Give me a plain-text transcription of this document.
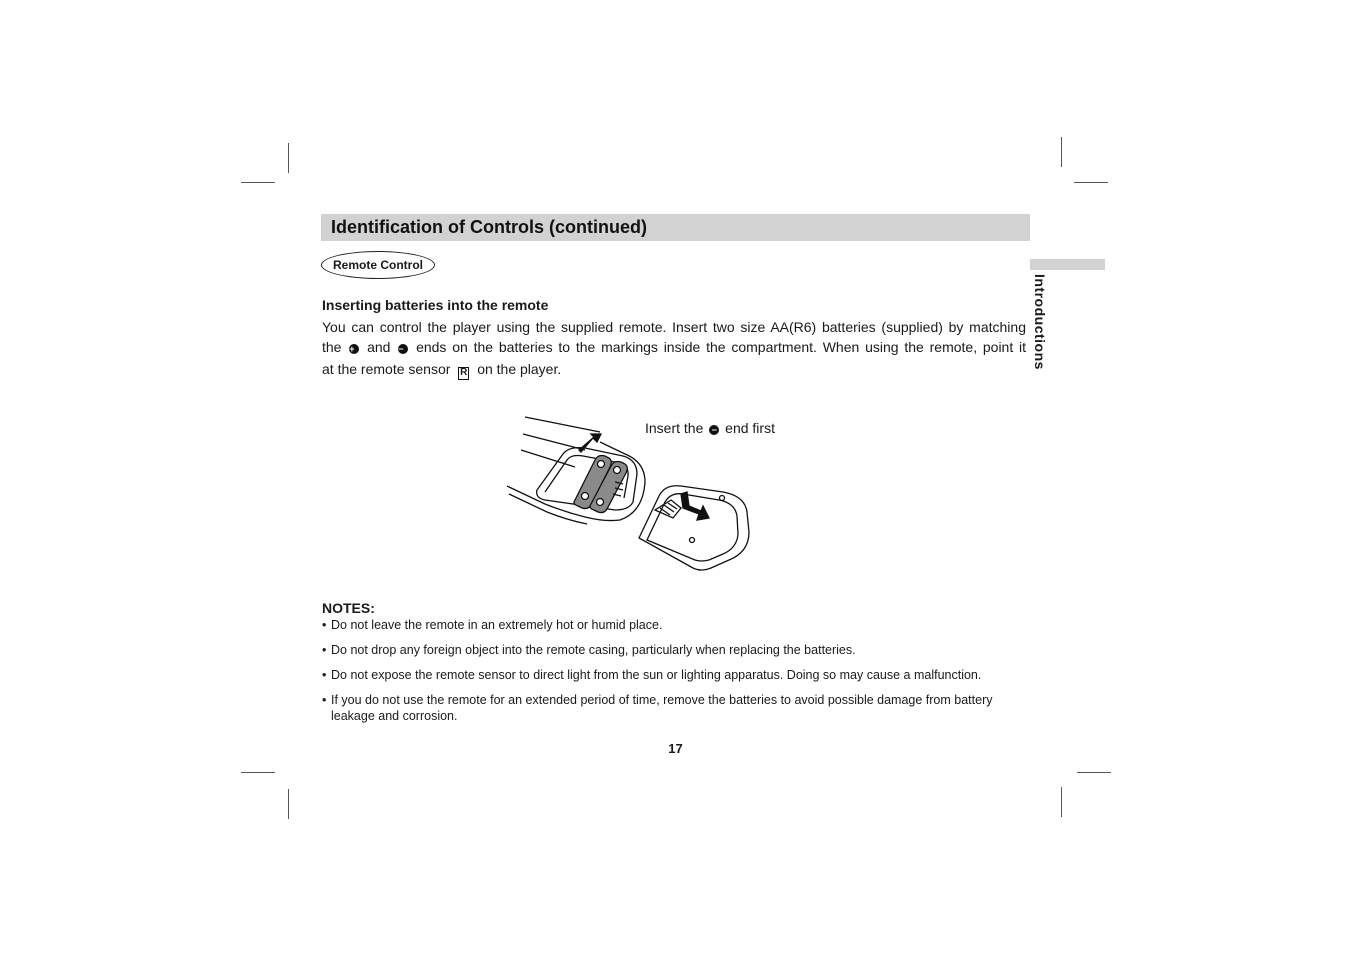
Identification of Controls (continued)
Remote Control
Introductions
Inserting batteries into the remote
You can control the player using the supplied remote. Insert two size AA(R6) batteries (supplied) by matching
the + and − ends on the batteries to the markings inside the compartment. When using the remote, point it
at the remote sensor R on the player.
Insert the − end first
NOTES:
• Do not leave the remote in an extremely hot or humid place.
• Do not drop any foreign object into the remote casing, particularly when replacing the batteries.
• Do not expose the remote sensor to direct light from the sun or lighting apparatus. Doing so may cause a malfunction.
• If you do not use the remote for an extended period of time, remove the batteries to avoid possible damage from battery leakage and corrosion.
17
